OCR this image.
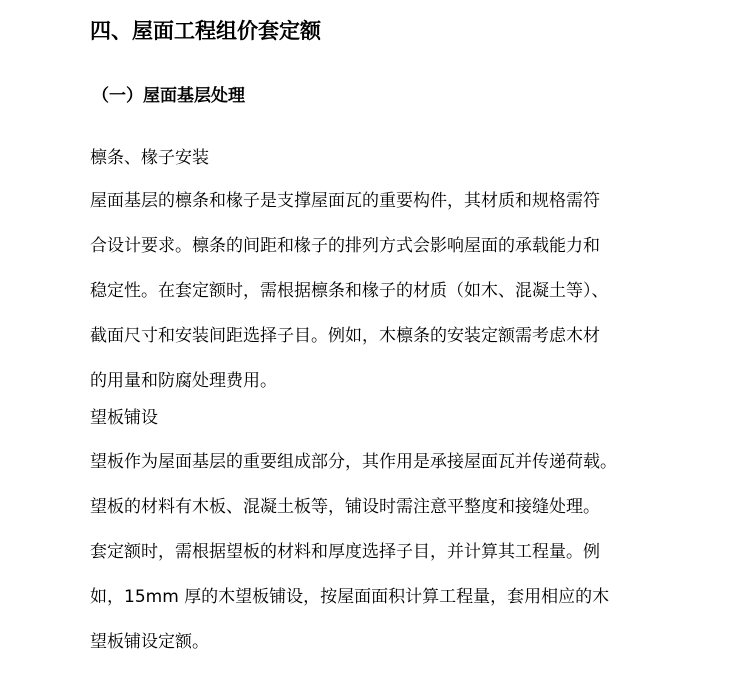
四、屋面工程组价套定额
（一）屋面基层处理

檩条、椽子安装

屋面基层的檩条和椽子是支撑屋面瓦的重要构件，其材质和规格需符
合设计要求。檩条的间距和椽子的排列方式会影响屋面的承载能力和
稳定性。在套定额时，需根据檩条和椽子的材质（如木、混凝土等）、
截面尺寸和安装间距选择子目。例如，木檩条的安装定额需考虑木材
的用量和防腐处理费用。

望板铺设

望板作为屋面基层的重要组成部分，其作用是承接屋面瓦并传递荷载。
望板的材料有木板、混凝土板等，铺设时需注意平整度和接缝处理。
套定额时，需根据望板的材料和厚度选择子目，并计算其工程量。例
如，15mm 厚的木望板铺设，按屋面面积计算工程量，套用相应的木
望板铺设定额。
